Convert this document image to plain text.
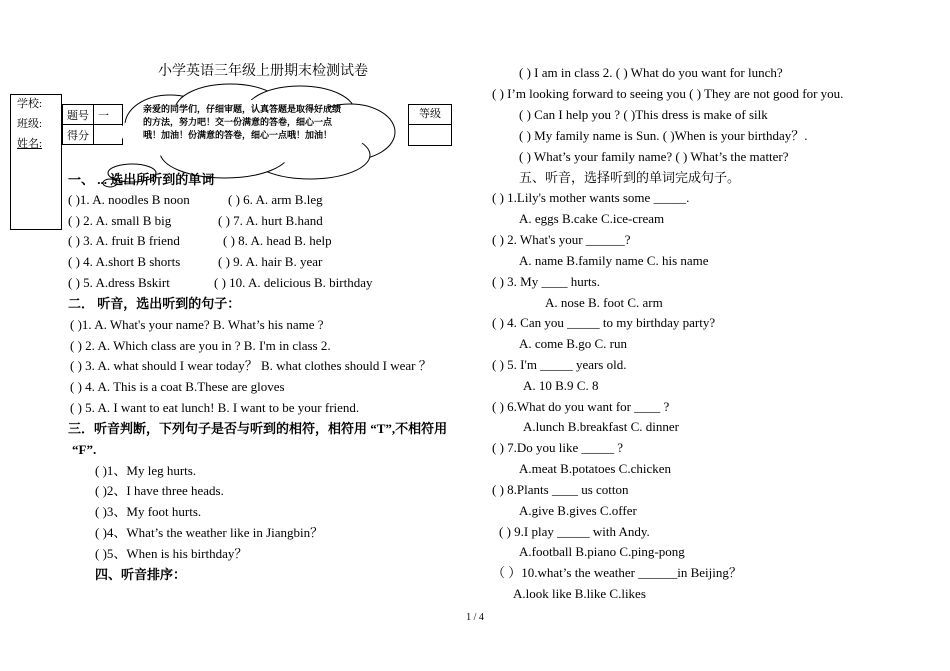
小学英语三年级上册期末检测试卷
学校:
班级:
姓名:
题号	一
得分	
等级
亲爱的同学们，仔细审题，认真答题是取得好成绩的方法，努力吧！交一份满意的答卷，细心一点哦！加油！份满意的答卷，细心一点哦！加油！
一、 ... 选出所听到的单词
( )1. A. noodles B noon	( ) 6. A. arm B.leg
( ) 2. A. small B big	( ) 7. A. hurt B.hand
( ) 3. A. fruit B friend	( ) 8. A. head B. help
( ) 4. A.short B shorts	( ) 9. A. hair B. year
( ) 5. A.dress Bskirt	( ) 10. A. delicious B. birthday
二． 听音，选出听到的句子：
( )1. A. What's your name? B. What’s his name ?
( ) 2. A. Which class are you in ? B. I'm in class 2.
( ) 3. A. what should I wear today？ B. what clothes should I wear ？
( ) 4. A. This is a coat B.These are gloves
( ) 5. A. I want to eat lunch! B. I want to be your friend.
三．听音判断，下列句子是否与听到的相符，相符用 “T”,不相符用
“F”.
( )1、My leg hurts.
( )2、I have three heads.
( )3、My foot hurts.
( )4、What’s the weather like in Jiangbin？
( )5、When is his birthday？
四、听音排序：
( ) I am in class 2. ( ) What do you want for lunch?
( ) I’m looking forward to seeing you ( ) They are not good for you.
( ) Can I help you ? ( )This dress is make of silk
( ) My family name is Sun. ( )When is your birthday？.
( ) What’s your family name? ( ) What’s the matter?
五、听音，选择听到的单词完成句子。
( ) 1.Lily's mother wants some _____.
A. eggs B.cake C.ice-cream
( ) 2. What's your ______?
A. name B.family name C. his name
( ) 3. My ____ hurts.
A. nose B. foot C. arm
( ) 4. Can you _____ to my birthday party?
A. come B.go C. run
( ) 5. I'm _____ years old.
A. 10 B.9 C. 8
( ) 6.What do you want for ____ ?
A.lunch B.breakfast C. dinner
( ) 7.Do you like _____ ?
A.meat B.potatoes C.chicken
( ) 8.Plants ____ us cotton
A.give B.gives C.offer
( ) 9.I play _____ with Andy.
A.football B.piano C.ping-pong
（ ）10.what’s the weather ______in Beijing？
A.look like B.like C.likes
1 / 4
